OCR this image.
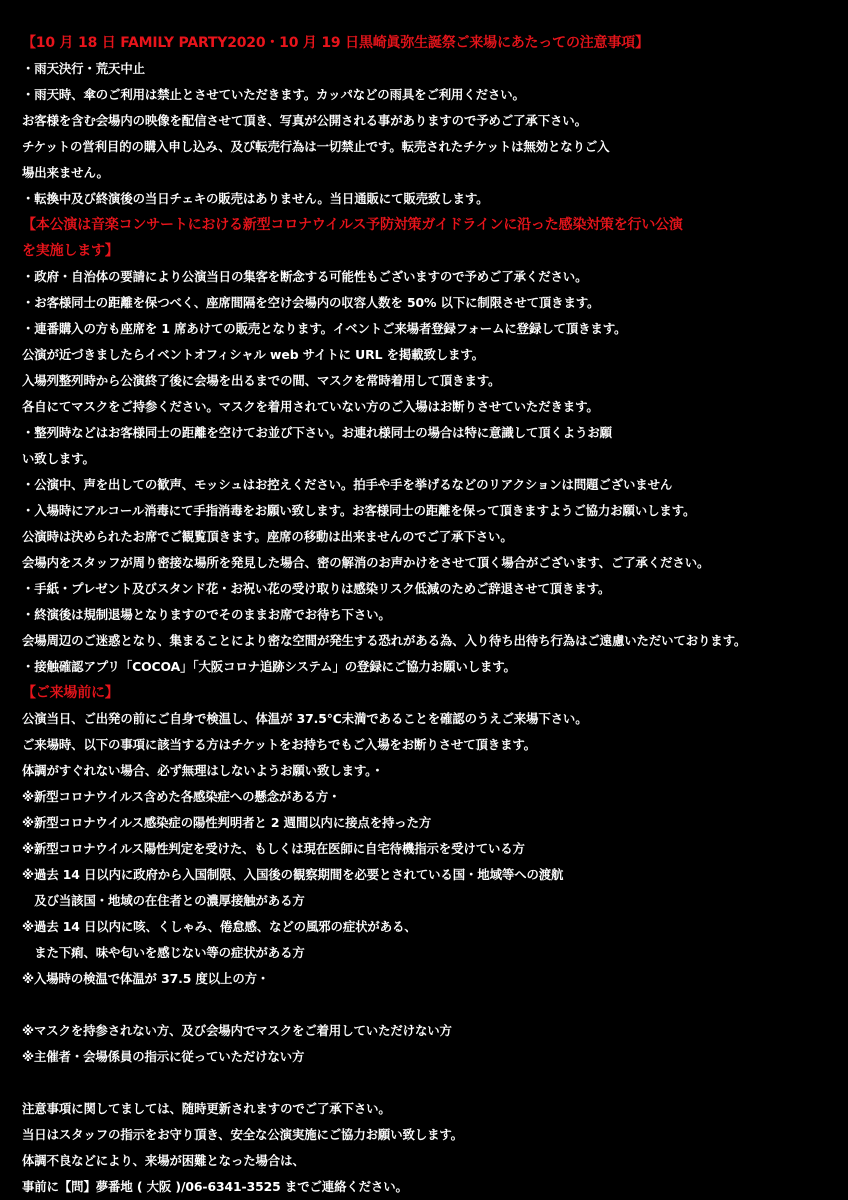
【10 月 18 日 FAMILY PARTY2020・10 月 19 日黒崎眞弥生誕祭ご来場にあたっての注意事項】
・雨天決行・荒天中止
・雨天時、傘のご利用は禁止とさせていただきます。カッパなどの雨具をご利用ください。
お客様を含む会場内の映像を配信させて頂き、写真が公開される事がありますので予めご了承下さい。
チケットの営利目的の購入申し込み、及び転売行為は一切禁止です。転売されたチケットは無効となりご入
場出来ません。
・転換中及び終演後の当日チェキの販売はありません。当日通販にて販売致します。
【本公演は音楽コンサートにおける新型コロナウイルス予防対策ガイドラインに沿った感染対策を行い公演
を実施します】
・政府・自治体の要請により公演当日の集客を断念する可能性もございますので予めご了承ください。
・お客様同士の距離を保つべく、座席間隔を空け会場内の収容人数を 50% 以下に制限させて頂きます。
・連番購入の方も座席を 1 席あけての販売となります。イベントご来場者登録フォームに登録して頂きます。
公演が近づきましたらイベントオフィシャル web サイトに URL を掲載致します。
入場列整列時から公演終了後に会場を出るまでの間、マスクを常時着用して頂きます。
各自にてマスクをご持参ください。マスクを着用されていない方のご入場はお断りさせていただきます。
・整列時などはお客様同士の距離を空けてお並び下さい。お連れ様同士の場合は特に意識して頂くようお願
い致します。
・公演中、声を出しての歓声、モッシュはお控えください。拍手や手を挙げるなどのリアクションは問題ございません
・入場時にアルコール消毒にて手指消毒をお願い致します。お客様同士の距離を保って頂きますようご協力お願いします。
公演時は決められたお席でご観覧頂きます。座席の移動は出来ませんのでご了承下さい。
会場内をスタッフが周り密接な場所を発見した場合、密の解消のお声かけをさせて頂く場合がございます、ご了承ください。
・手紙・プレゼント及びスタンド花・お祝い花の受け取りは感染リスク低減のためご辞退させて頂きます。
・終演後は規制退場となりますのでそのままお席でお待ち下さい。
会場周辺のご迷惑となり、集まることにより密な空間が発生する恐れがある為、入り待ち出待ち行為はご遠慮いただいております。
・接触確認アプリ「COCOA」「大阪コロナ追跡システム」の登録にご協力お願いします。
【ご来場前に】
公演当日、ご出発の前にご自身で検温し、体温が 37.5℃未満であることを確認のうえご来場下さい。
ご来場時、以下の事項に該当する方はチケットをお持ちでもご入場をお断りさせて頂きます。
体調がすぐれない場合、必ず無理はしないようお願い致します。・
※新型コロナウイルス含めた各感染症への懸念がある方・
※新型コロナウイルス感染症の陽性判明者と 2 週間以内に接点を持った方
※新型コロナウイルス陽性判定を受けた、もしくは現在医師に自宅待機指示を受けている方
※過去 14 日以内に政府から入国制限、入国後の観察期間を必要とされている国・地域等への渡航
　及び当該国・地域の在住者との濃厚接触がある方
※過去 14 日以内に咳、くしゃみ、倦怠感、などの風邪の症状がある、
　また下痢、味や匂いを感じない等の症状がある方
※入場時の検温で体温が 37.5 度以上の方・
※マスクを持参されない方、及び会場内でマスクをご着用していただけない方
※主催者・会場係員の指示に従っていただけない方
注意事項に関してましては、随時更新されますのでご了承下さい。
当日はスタッフの指示をお守り頂き、安全な公演実施にご協力お願い致します。
体調不良などにより、来場が困難となった場合は、
事前に【問】夢番地 ( 大阪 )/06-6341-3525 までご連絡ください。
